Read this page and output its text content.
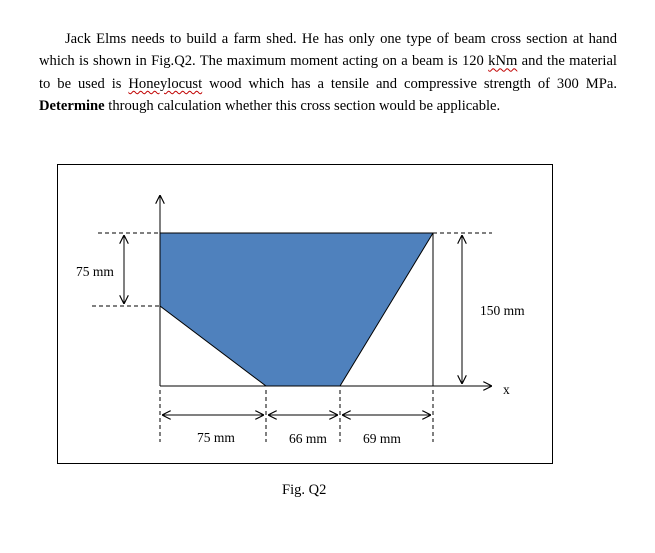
Jack Elms needs to build a farm shed. He has only one type of beam cross section at hand which is shown in Fig.Q2. The maximum moment acting on a beam is 120 kNm and the material to be used is Honeylocust wood which has a tensile and compressive strength of 300 MPa. Determine through calculation whether this cross section would be applicable.

75 mm
150 mm
75 mm	66 mm	69 mm
x
Fig. Q2
